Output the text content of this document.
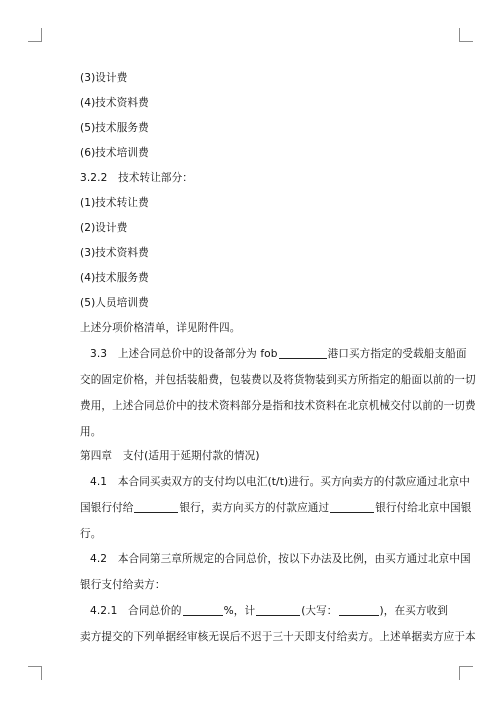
(3)设计费
(4)技术资料费
(5)技术服务费
(6)技术培训费
3.2.2　技术转让部分：
(1)技术转让费
(2)设计费
(3)技术资料费
(4)技术服务费
(5)人员培训费
上述分项价格清单，详见附件四。
3.3　上述合同总价中的设备部分为 fob	港口买方指定的受载船支船面
交的固定价格，并包括装船费，包装费以及将货物装到买方所指定的船面以前的一切
费用，上述合同总价中的技术资料部分是指和技术资料在北京机械交付以前的一切费
用。
第四章　支付(适用于延期付款的情况)
4.1　本合同买卖双方的支付均以电汇(t/t)进行。买方向卖方的付款应通过北京中
国银行付给	银行，卖方向买方的付款应通过	银行付给北京中国银
行。
4.2　本合同第三章所规定的合同总价，按以下办法及比例，由买方通过北京中国
银行支付给卖方：
4.2.1　合同总价的	%，计	(大写：	)，在买方收到
卖方提交的下列单据经审核无误后不迟于三十天即支付给卖方。上述单据卖方应于本
